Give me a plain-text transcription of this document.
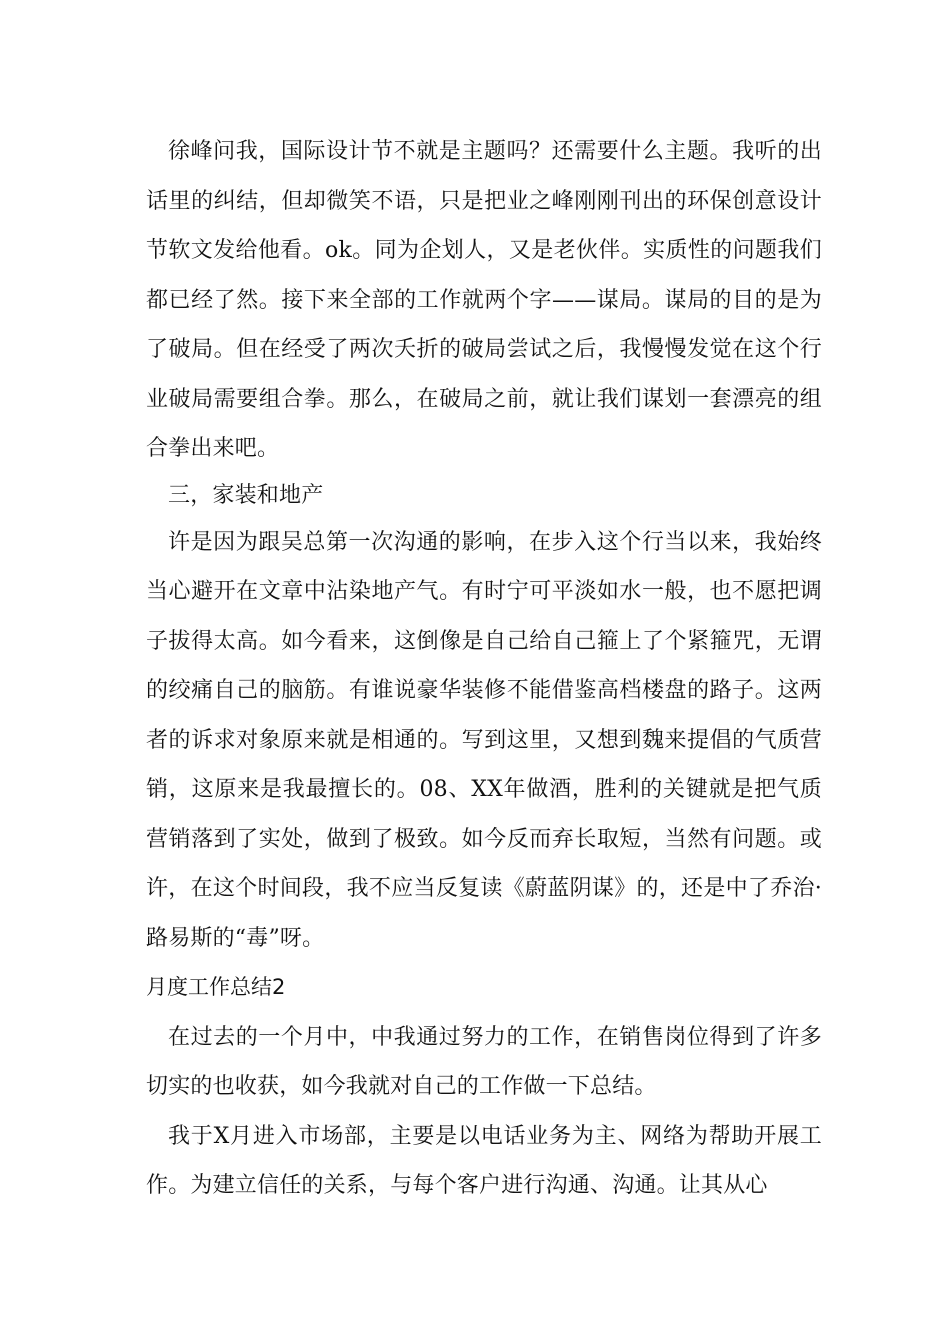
徐峰问我，国际设计节不就是主题吗？还需要什么主题。我听的出话里的纠结，但却微笑不语，只是把业之峰刚刚刊出的环保创意设计节软文发给他看。ok。同为企划人，又是老伙伴。实质性的问题我们都已经了然。接下来全部的工作就两个字——谋局。谋局的目的是为了破局。但在经受了两次夭折的破局尝试之后，我慢慢发觉在这个行业破局需要组合拳。那么，在破局之前，就让我们谋划一套漂亮的组合拳出来吧。

三，家装和地产

许是因为跟吴总第一次沟通的影响，在步入这个行当以来，我始终当心避开在文章中沾染地产气。有时宁可平淡如水一般，也不愿把调子拔得太高。如今看来，这倒像是自己给自己箍上了个紧箍咒，无谓的绞痛自己的脑筋。有谁说豪华装修不能借鉴高档楼盘的路子。这两者的诉求对象原来就是相通的。写到这里，又想到魏来提倡的气质营销，这原来是我最擅长的。08、XX年做酒，胜利的关键就是把气质营销落到了实处，做到了极致。如今反而弃长取短，当然有问题。或许，在这个时间段，我不应当反复读《蔚蓝阴谋》的，还是中了乔治·路易斯的“毒”呀。

月度工作总结2

在过去的一个月中，中我通过努力的工作，在销售岗位得到了许多切实的也收获，如今我就对自己的工作做一下总结。

我于X月进入市场部，主要是以电话业务为主、网络为帮助开展工作。为建立信任的关系，与每个客户进行沟通、沟通。让其从心
